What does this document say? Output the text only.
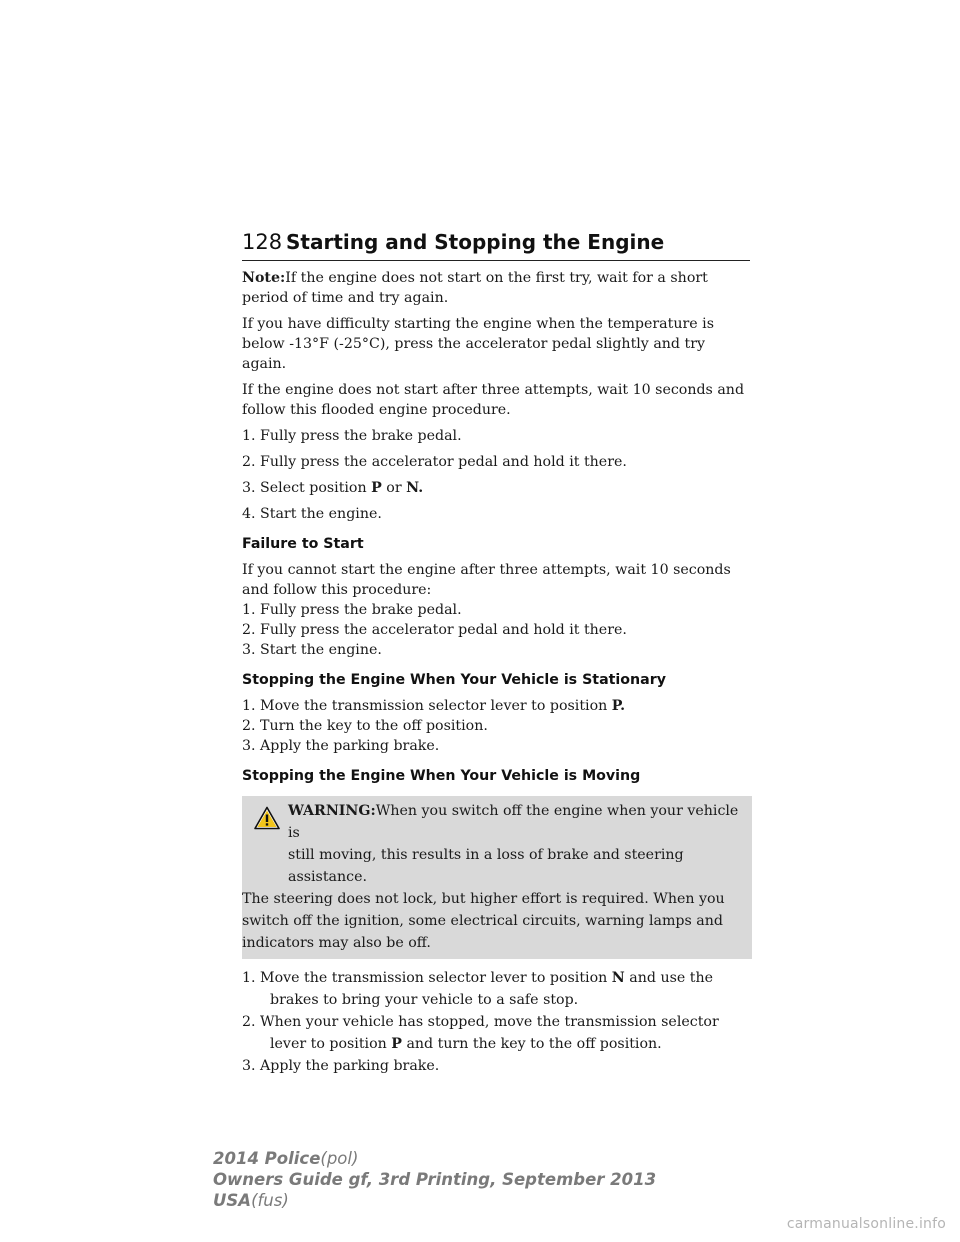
128 Starting and Stopping the Engine

Note:If the engine does not start on the first try, wait for a short period of time and try again.

If you have difficulty starting the engine when the temperature is below -13°F (-25°C), press the accelerator pedal slightly and try again.

If the engine does not start after three attempts, wait 10 seconds and follow this flooded engine procedure.

1. Fully press the brake pedal.

2. Fully press the accelerator pedal and hold it there.

3. Select position P or N.

4. Start the engine.

Failure to Start

If you cannot start the engine after three attempts, wait 10 seconds and follow this procedure:

1. Fully press the brake pedal.

2. Fully press the accelerator pedal and hold it there.

3. Start the engine.

Stopping the Engine When Your Vehicle is Stationary

1. Move the transmission selector lever to position P.

2. Turn the key to the off position.

3. Apply the parking brake.

Stopping the Engine When Your Vehicle is Moving

WARNING:When you switch off the engine when your vehicle is

still moving, this results in a loss of brake and steering assistance.

The steering does not lock, but higher effort is required. When you switch off the ignition, some electrical circuits, warning lamps and indicators may also be off.

1. Move the transmission selector lever to position N and use the brakes to bring your vehicle to a safe stop.

2. When your vehicle has stopped, move the transmission selector lever to position P and turn the key to the off position.

3. Apply the parking brake.

2014 Police(pol)
Owners Guide gf, 3rd Printing, September 2013
USA(fus)
carmanualsonline.info
